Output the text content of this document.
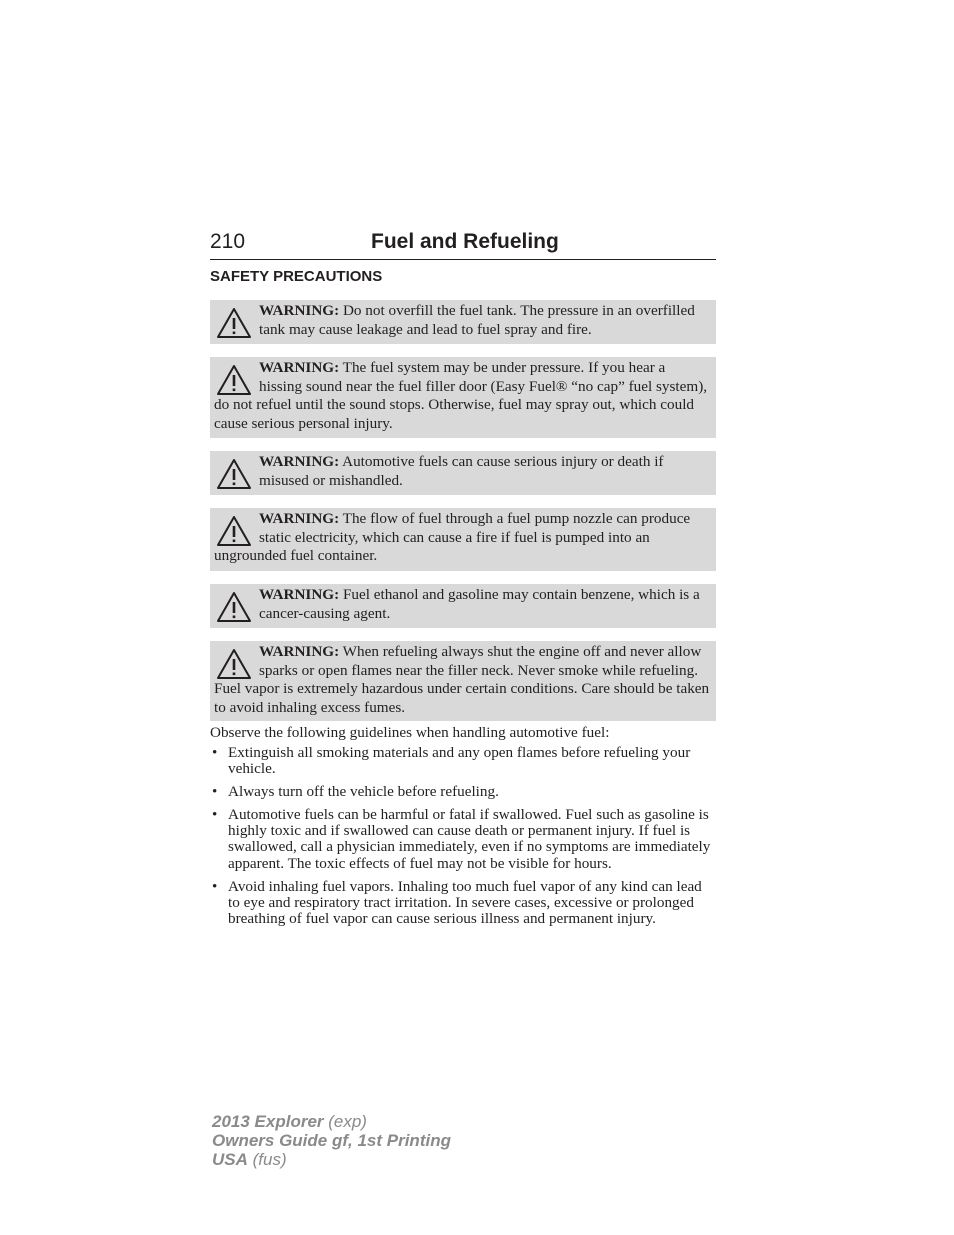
210	Fuel and Refueling
SAFETY PRECAUTIONS
WARNING: Do not overfill the fuel tank. The pressure in an overfilled tank may cause leakage and lead to fuel spray and fire.
WARNING: The fuel system may be under pressure. If you hear a hissing sound near the fuel filler door (Easy Fuel® “no cap” fuel system), do not refuel until the sound stops. Otherwise, fuel may spray out, which could cause serious personal injury.
WARNING: Automotive fuels can cause serious injury or death if misused or mishandled.
WARNING: The flow of fuel through a fuel pump nozzle can produce static electricity, which can cause a fire if fuel is pumped into an ungrounded fuel container.
WARNING: Fuel ethanol and gasoline may contain benzene, which is a cancer-causing agent.
WARNING: When refueling always shut the engine off and never allow sparks or open flames near the filler neck. Never smoke while refueling. Fuel vapor is extremely hazardous under certain conditions. Care should be taken to avoid inhaling excess fumes.
Observe the following guidelines when handling automotive fuel:
• Extinguish all smoking materials and any open flames before refueling your vehicle.
• Always turn off the vehicle before refueling.
• Automotive fuels can be harmful or fatal if swallowed. Fuel such as gasoline is highly toxic and if swallowed can cause death or permanent injury. If fuel is swallowed, call a physician immediately, even if no symptoms are immediately apparent. The toxic effects of fuel may not be visible for hours.
• Avoid inhaling fuel vapors. Inhaling too much fuel vapor of any kind can lead to eye and respiratory tract irritation. In severe cases, excessive or prolonged breathing of fuel vapor can cause serious illness and permanent injury.
2013 Explorer (exp)
Owners Guide gf, 1st Printing
USA (fus)
